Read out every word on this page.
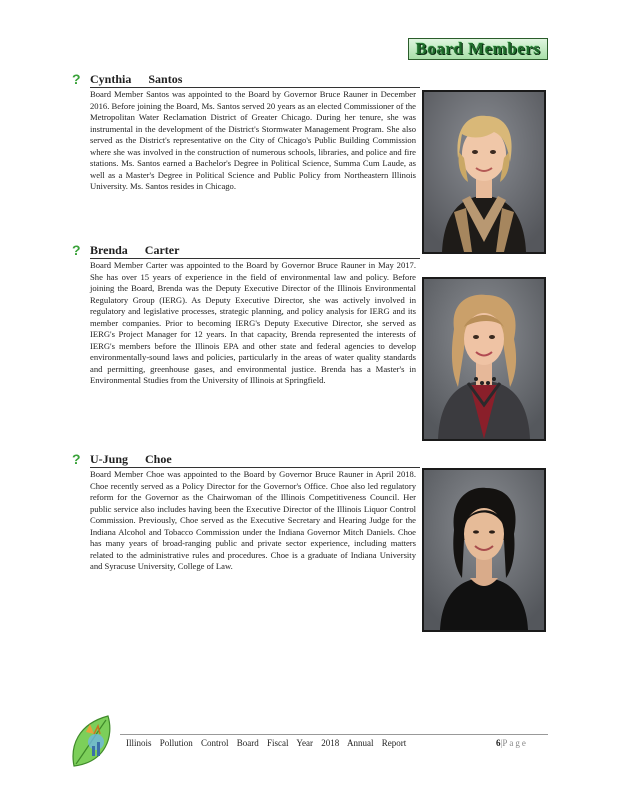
Board Members
? Cynthia Santos
Board Member Santos was appointed to the Board by Governor Bruce Rauner in December 2016. Before joining the Board, Ms. Santos served 20 years as an elected Commissioner of the Metropolitan Water Reclamation District of Greater Chicago. During her tenure, she was instrumental in the development of the District's Stormwater Management Program. She also served as the District's representative on the City of Chicago's Public Building Commission where she was involved in the construction of numerous schools, libraries, and police and fire stations. Ms. Santos earned a Bachelor's Degree in Political Science, Summa Cum Laude, as well as a Master's Degree in Political Science and Public Policy from Northeastern Illinois University. Ms. Santos resides in Chicago.
? Brenda Carter
Board Member Carter was appointed to the Board by Governor Bruce Rauner in May 2017. She has over 15 years of experience in the field of environmental law and policy. Before joining the Board, Brenda was the Deputy Executive Director of the Illinois Environmental Regulatory Group (IERG). As Deputy Executive Director, she was actively involved in regulatory and legislative processes, strategic planning, and policy analysis for IERG and its member companies. Prior to becoming IERG's Deputy Executive Director, she served as IERG's Project Manager for 12 years. In that capacity, Brenda represented the interests of IERG's members before the Illinois EPA and other state and federal agencies to develop environmentally-sound laws and policies, particularly in the areas of water quality standards and permitting, greenhouse gases, and environmental justice. Brenda has a Master's in Environmental Studies from the University of Illinois at Springfield.
? U-Jung Choe
Board Member Choe was appointed to the Board by Governor Bruce Rauner in April 2018. Choe recently served as a Policy Director for the Governor's Office. Choe also led regulatory reform for the Governor as the Chairwoman of the Illinois Competitiveness Council. Her public service also includes having been the Executive Director of the Illinois Liquor Control Commission. Previously, Choe served as the Executive Secretary and Hearing Judge for the Indiana Alcohol and Tobacco Commission under the Indiana Governor Mitch Daniels. Choe has many years of broad-ranging public and private sector experience, including matters related to the administrative rules and procedures. Choe is a graduate of Indiana University and Syracuse University, College of Law.
Illinois Pollution Control Board Fiscal Year 2018 Annual Report	6|Page
